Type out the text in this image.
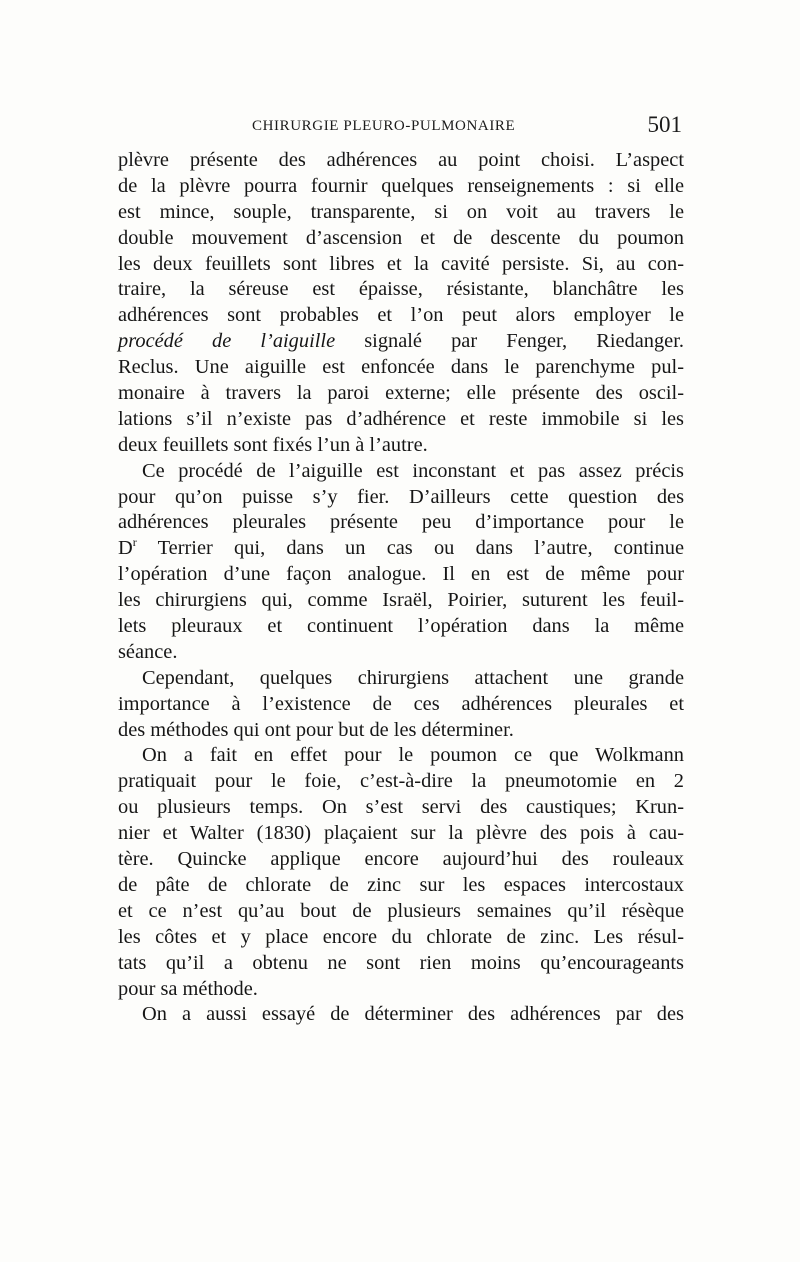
CHIRURGIE PLEURO-PULMONAIRE	501
plèvre présente des adhérences au point choisi. L’aspect
de la plèvre pourra fournir quelques renseignements : si elle
est mince, souple, transparente, si on voit au travers le
double mouvement d’ascension et de descente du poumon
les deux feuillets sont libres et la cavité persiste. Si, au con-
traire, la séreuse est épaisse, résistante, blanchâtre les
adhérences sont probables et l’on peut alors employer le
procédé de l’aiguille signalé par Fenger, Riedanger.
Reclus. Une aiguille est enfoncée dans le parenchyme pul-
monaire à travers la paroi externe; elle présente des oscil-
lations s’il n’existe pas d’adhérence et reste immobile si les
deux feuillets sont fixés l’un à l’autre.
Ce procédé de l’aiguille est inconstant et pas assez précis
pour qu’on puisse s’y fier. D’ailleurs cette question des
adhérences pleurales présente peu d’importance pour le
$D^r$ Terrier qui, dans un cas ou dans l’autre, continue
l’opération d’une façon analogue. Il en est de même pour
les chirurgiens qui, comme Israël, Poirier, suturent les feuil-
lets pleuraux et continuent l’opération dans la même
séance.
Cependant, quelques chirurgiens attachent une grande
importance à l’existence de ces adhérences pleurales et
des méthodes qui ont pour but de les déterminer.
On a fait en effet pour le poumon ce que Wolkmann
pratiquait pour le foie, c’est-à-dire la pneumotomie en 2
ou plusieurs temps. On s’est servi des caustiques; Krun-
nier et Walter (1830) plaçaient sur la plèvre des pois à cau-
tère. Quincke applique encore aujourd’hui des rouleaux
de pâte de chlorate de zinc sur les espaces intercostaux
et ce n’est qu’au bout de plusieurs semaines qu’il résèque
les côtes et y place encore du chlorate de zinc. Les résul-
tats qu’il a obtenu ne sont rien moins qu’encourageants
pour sa méthode.
On a aussi essayé de déterminer des adhérences par des
